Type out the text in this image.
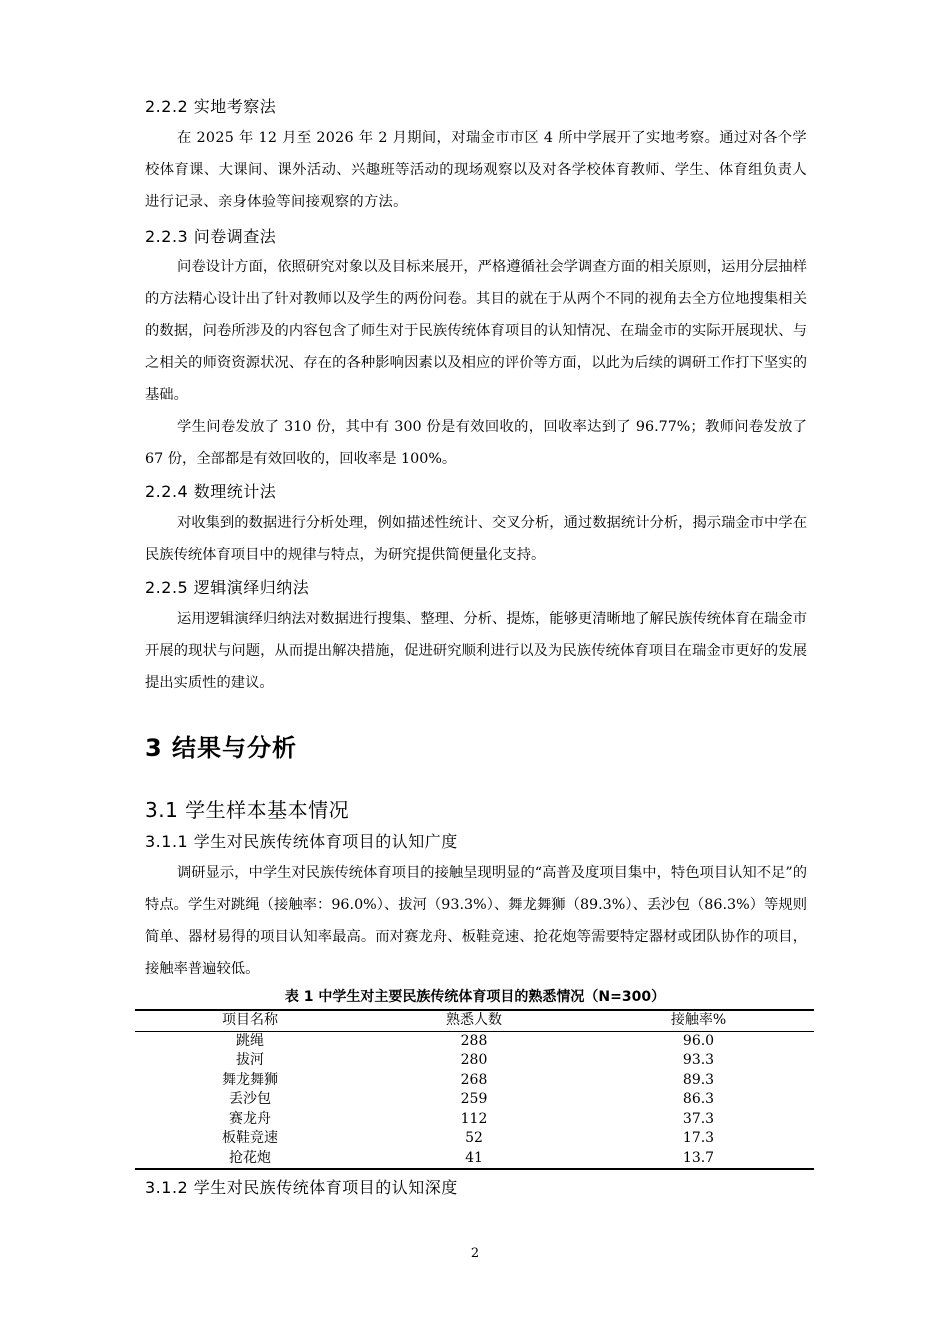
2.2.2 实地考察法
在 2025 年 12 月至 2026 年 2 月期间，对瑞金市市区 4 所中学展开了实地考察。通过对各个学校体育课、大课间、课外活动、兴趣班等活动的现场观察以及对各学校体育教师、学生、体育组负责人进行记录、亲身体验等间接观察的方法。
2.2.3 问卷调查法
问卷设计方面，依照研究对象以及目标来展开，严格遵循社会学调查方面的相关原则，运用分层抽样的方法精心设计出了针对教师以及学生的两份问卷。其目的就在于从两个不同的视角去全方位地搜集相关的数据，问卷所涉及的内容包含了师生对于民族传统体育项目的认知情况、在瑞金市的实际开展现状、与之相关的师资资源状况、存在的各种影响因素以及相应的评价等方面，以此为后续的调研工作打下坚实的基础。
学生问卷发放了 310 份，其中有 300 份是有效回收的，回收率达到了 96.77%；教师问卷发放了 67 份，全部都是有效回收的，回收率是 100%。
2.2.4 数理统计法
对收集到的数据进行分析处理，例如描述性统计、交叉分析，通过数据统计分析，揭示瑞金市中学在民族传统体育项目中的规律与特点，为研究提供简便量化支持。
2.2.5 逻辑演绎归纳法
运用逻辑演绎归纳法对数据进行搜集、整理、分析、提炼，能够更清晰地了解民族传统体育在瑞金市开展的现状与问题，从而提出解决措施，促进研究顺利进行以及为民族传统体育项目在瑞金市更好的发展提出实质性的建议。
3 结果与分析
3.1 学生样本基本情况
3.1.1 学生对民族传统体育项目的认知广度
调研显示，中学生对民族传统体育项目的接触呈现明显的“高普及度项目集中，特色项目认知不足”的特点。学生对跳绳（接触率：96.0%）、拔河（93.3%）、舞龙舞狮（89.3%）、丢沙包（86.3%）等规则简单、器材易得的项目认知率最高。而对赛龙舟、板鞋竞速、抢花炮等需要特定器材或团队协作的项目，接触率普遍较低。
表 1 中学生对主要民族传统体育项目的熟悉情况（N=300）
项目名称	熟悉人数	接触率%
跳绳	288	96.0
拔河	280	93.3
舞龙舞狮	268	89.3
丢沙包	259	86.3
赛龙舟	112	37.3
板鞋竞速	52	17.3
抢花炮	41	13.7
3.1.2 学生对民族传统体育项目的认知深度
2
